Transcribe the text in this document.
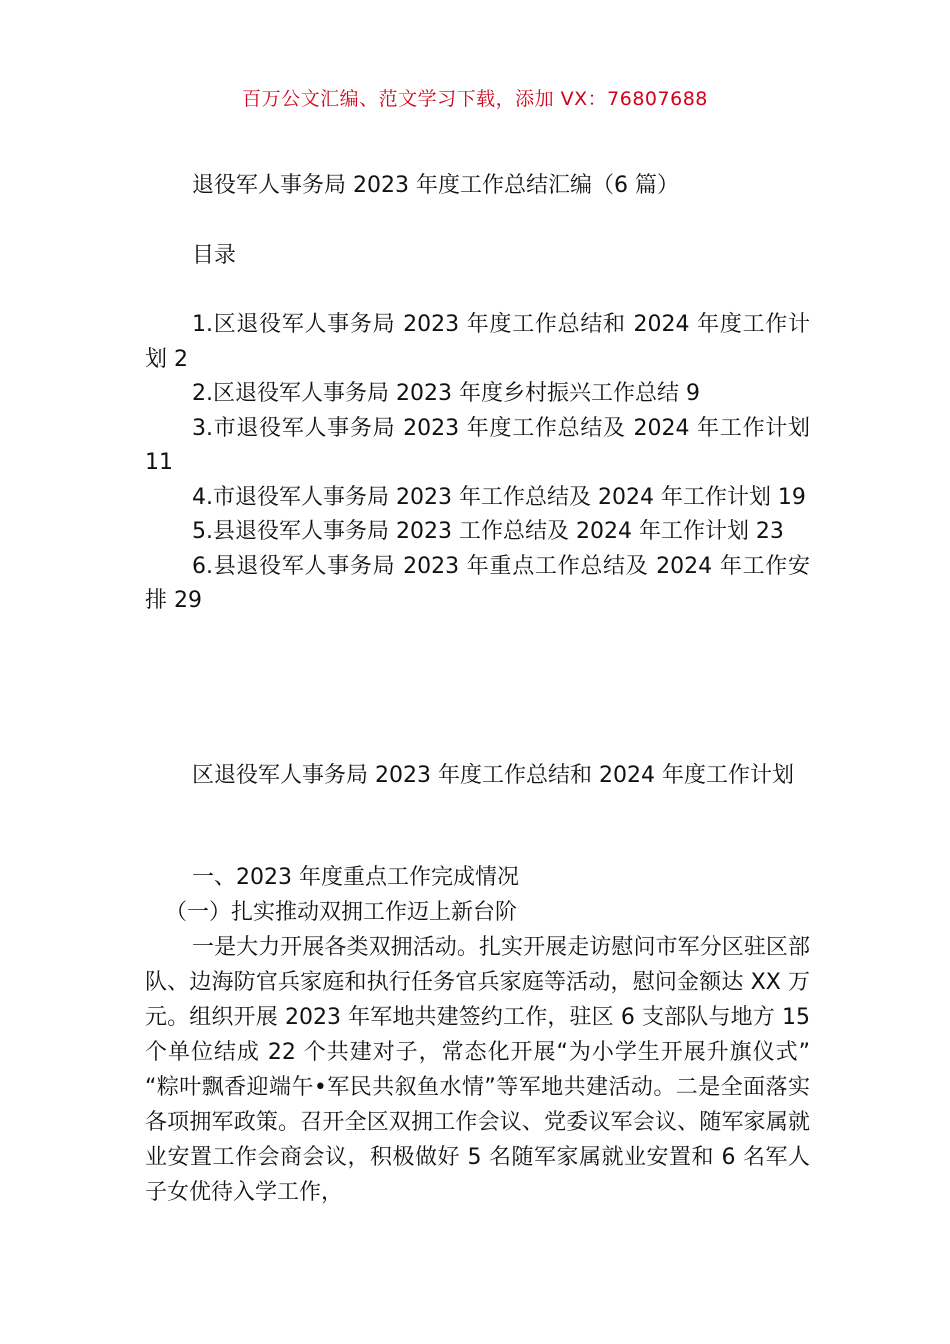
百万公文汇编、范文学习下载，添加 VX：76807688
退役军人事务局 2023 年度工作总结汇编（6 篇）
目录

1.区退役军人事务局 2023 年度工作总结和 2024 年度工作计划 2

2.区退役军人事务局 2023 年度乡村振兴工作总结 9

3.市退役军人事务局 2023 年度工作总结及 2024 年工作计划 11

4.市退役军人事务局 2023 年工作总结及 2024 年工作计划 19

5.县退役军人事务局 2023 工作总结及 2024 年工作计划 23

6.县退役军人事务局 2023 年重点工作总结及 2024 年工作安排 29

区退役军人事务局 2023 年度工作总结和 2024 年度工作计划

一、2023 年度重点工作完成情况

（一）扎实推动双拥工作迈上新台阶

一是大力开展各类双拥活动。扎实开展走访慰问市军分区驻区部队、边海防官兵家庭和执行任务官兵家庭等活动，慰问金额达 XX 万元。组织开展 2023 年军地共建签约工作，驻区 6 支部队与地方 15 个单位结成 22 个共建对子，常态化开展“为小学生开展升旗仪式” “粽叶飘香迎端午•军民共叙鱼水情”等军地共建活动。二是全面落实各项拥军政策。召开全区双拥工作会议、党委议军会议、随军家属就业安置工作会商会议，积极做好 5 名随军家属就业安置和 6 名军人子女优待入学工作，
